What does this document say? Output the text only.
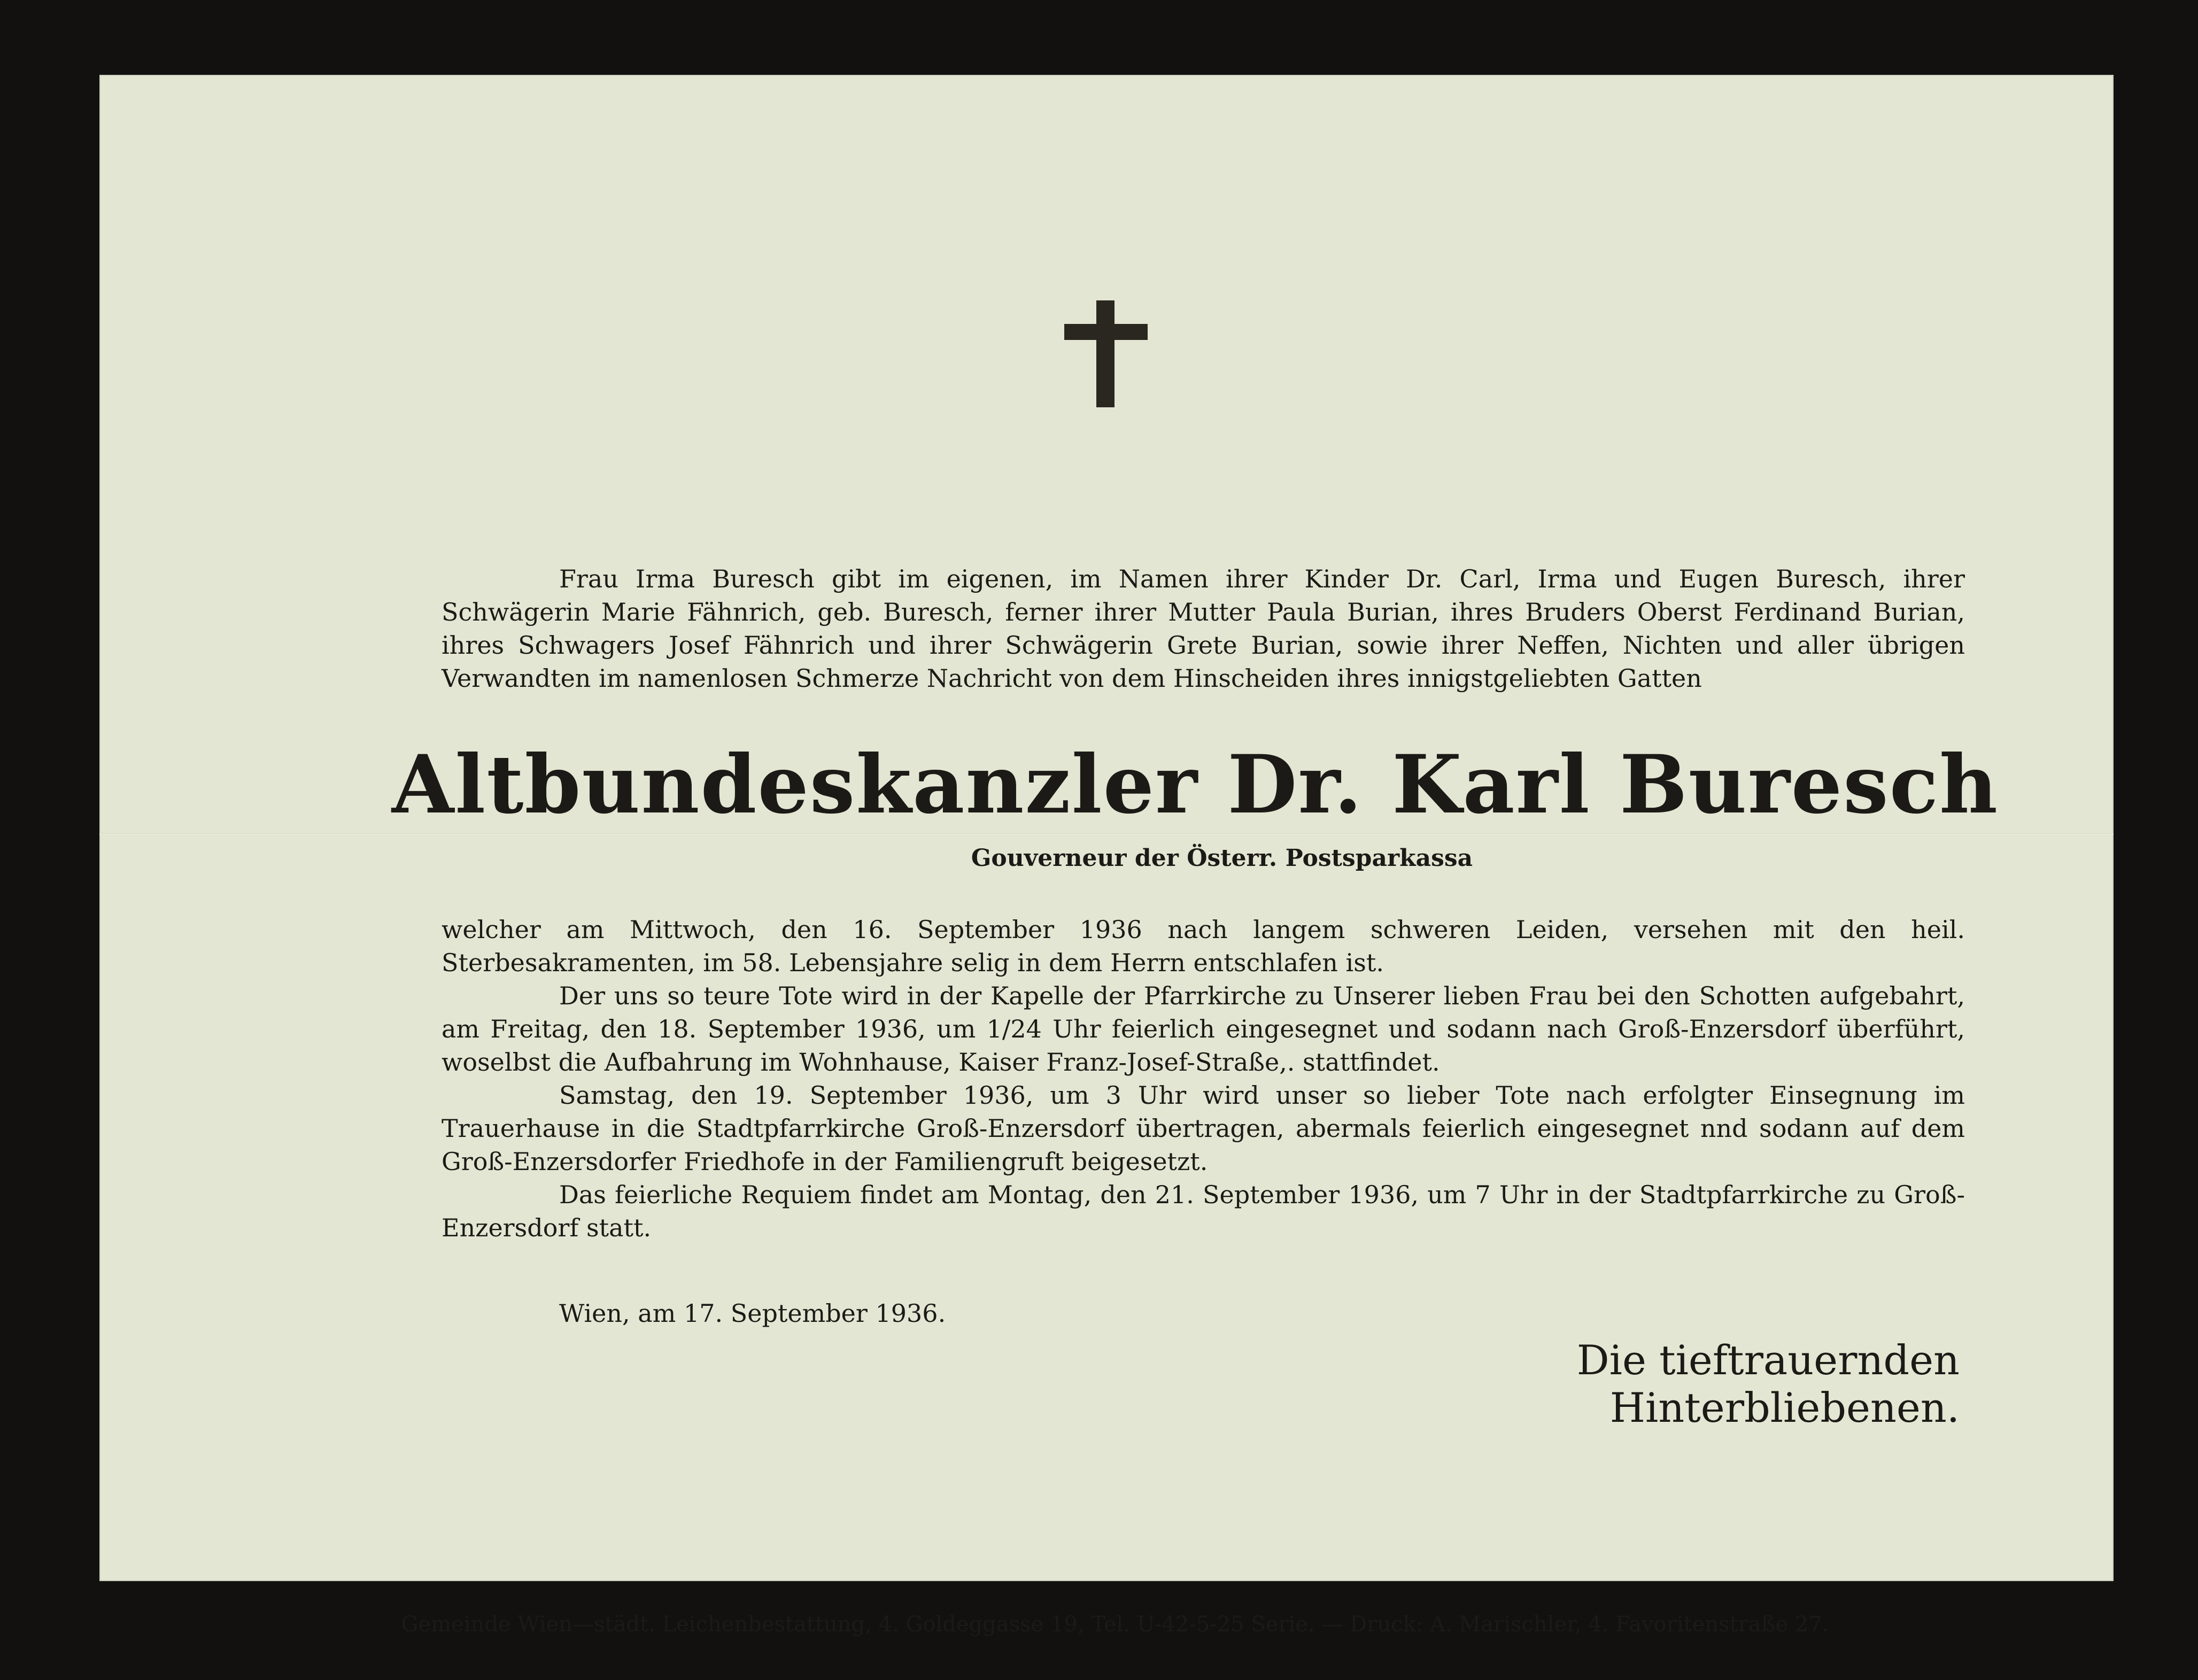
Frau Irma Buresch gibt im eigenen, im Namen ihrer Kinder Dr. Carl, Irma und Eugen Buresch, ihrer Schwägerin Marie Fähnrich, geb. Buresch, ferner ihrer Mutter Paula Burian, ihres Bruders Oberst Ferdinand Burian, ihres Schwagers Josef Fähnrich und ihrer Schwägerin Grete Burian, sowie ihrer Neffen, Nichten und aller übrigen Verwandten im namenlosen Schmerze Nachricht von dem Hinscheiden ihres innigstgeliebten Gatten

Altbundeskanzler Dr. Karl Buresch
Gouverneur der Österr. Postsparkassa

welcher am Mittwoch, den 16. September 1936 nach langem schweren Leiden, versehen mit den heil. Sterbesakramenten, im 58. Lebensjahre selig in dem Herrn entschlafen ist.

Der uns so teure Tote wird in der Kapelle der Pfarrkirche zu Unserer lieben Frau bei den Schotten aufgebahrt, am Freitag, den 18. September 1936, um 1/24 Uhr feierlich eingesegnet und sodann nach Groß-Enzersdorf überführt, woselbst die Aufbahrung im Wohnhause, Kaiser Franz-Josef-Straße,. stattfindet.

Samstag, den 19. September 1936, um 3 Uhr wird unser so lieber Tote nach erfolgter Einsegnung im Trauerhause in die Stadtpfarrkirche Groß-Enzersdorf übertragen, abermals feierlich eingesegnet nnd sodann auf dem Groß-Enzersdorfer Friedhofe in der Familiengruft beigesetzt.

Das feierliche Requiem findet am Montag, den 21. September 1936, um 7 Uhr in der Stadtpfarrkirche zu Groß-Enzersdorf statt.

Wien, am 17. September 1936.
Die tieftrauernden Hinterbliebenen.
Gemeinde Wien—städt. Leichenbestattung, 4. Goldeggasse 19, Tel. U-42-5-25 Serie. — Druck: A. Marischler, 4. Favoritenstraße 27.
